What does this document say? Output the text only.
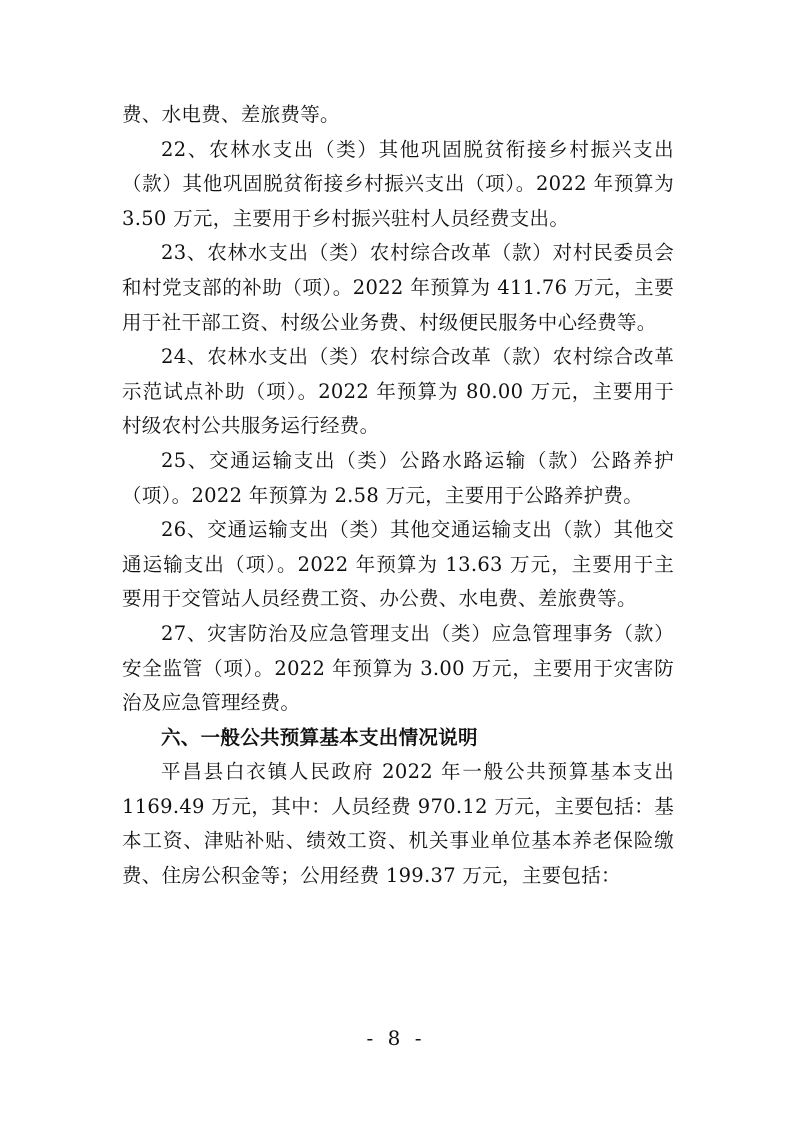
费、水电费、差旅费等。

22、农林水支出（类）其他巩固脱贫衔接乡村振兴支出（款）其他巩固脱贫衔接乡村振兴支出（项）。2022 年预算为 3.50 万元，主要用于乡村振兴驻村人员经费支出。

23、农林水支出（类）农村综合改革（款）对村民委员会和村党支部的补助（项）。2022 年预算为 411.76 万元，主要用于社干部工资、村级公业务费、村级便民服务中心经费等。

24、农林水支出（类）农村综合改革（款）农村综合改革示范试点补助（项）。2022 年预算为 80.00 万元，主要用于村级农村公共服务运行经费。

25、交通运输支出（类）公路水路运输（款）公路养护（项）。2022 年预算为 2.58 万元，主要用于公路养护费。

26、交通运输支出（类）其他交通运输支出（款）其他交通运输支出（项）。2022 年预算为 13.63 万元，主要用于主要用于交管站人员经费工资、办公费、水电费、差旅费等。

27、灾害防治及应急管理支出（类）应急管理事务（款）安全监管（项）。2022 年预算为 3.00 万元，主要用于灾害防治及应急管理经费。

六、一般公共预算基本支出情况说明

平昌县白衣镇人民政府 2022 年一般公共预算基本支出 1169.49 万元，其中：人员经费 970.12 万元，主要包括：基本工资、津贴补贴、绩效工资、机关事业单位基本养老保险缴费、住房公积金等；公用经费 199.37 万元，主要包括：

- 8 -
